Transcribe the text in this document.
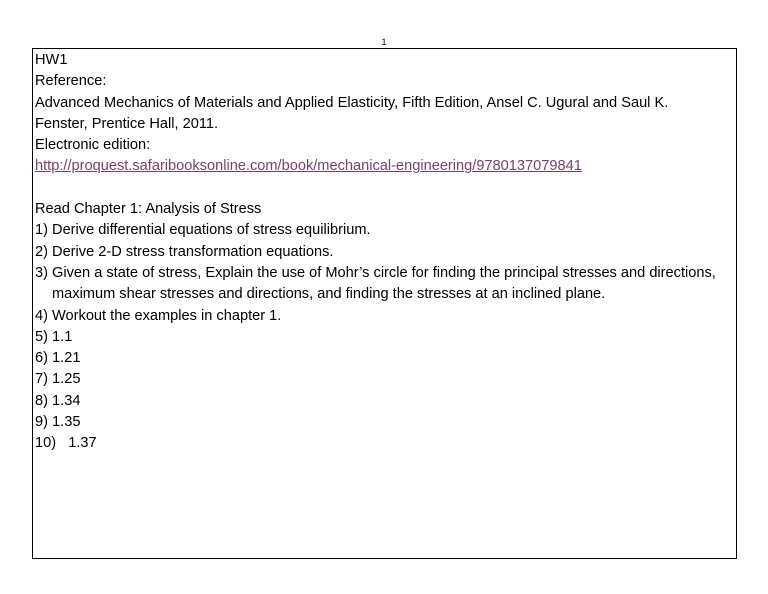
1
HW1
Reference:
Advanced Mechanics of Materials and Applied Elasticity, Fifth Edition, Ansel C. Ugural and Saul K.
Fenster, Prentice Hall, 2011.
Electronic edition:
http://proquest.safaribooksonline.com/book/mechanical-engineering/9780137079841
Read Chapter 1: Analysis of Stress
1) Derive differential equations of stress equilibrium.
2) Derive 2-D stress transformation equations.
3) Given a state of stress, Explain the use of Mohr’s circle for finding the principal stresses and directions, maximum shear stresses and directions, and finding the stresses at an inclined plane.
4) Workout the examples in chapter 1.
5) 1.1
6) 1.21
7) 1.25
8) 1.34
9) 1.35
10)   1.37
